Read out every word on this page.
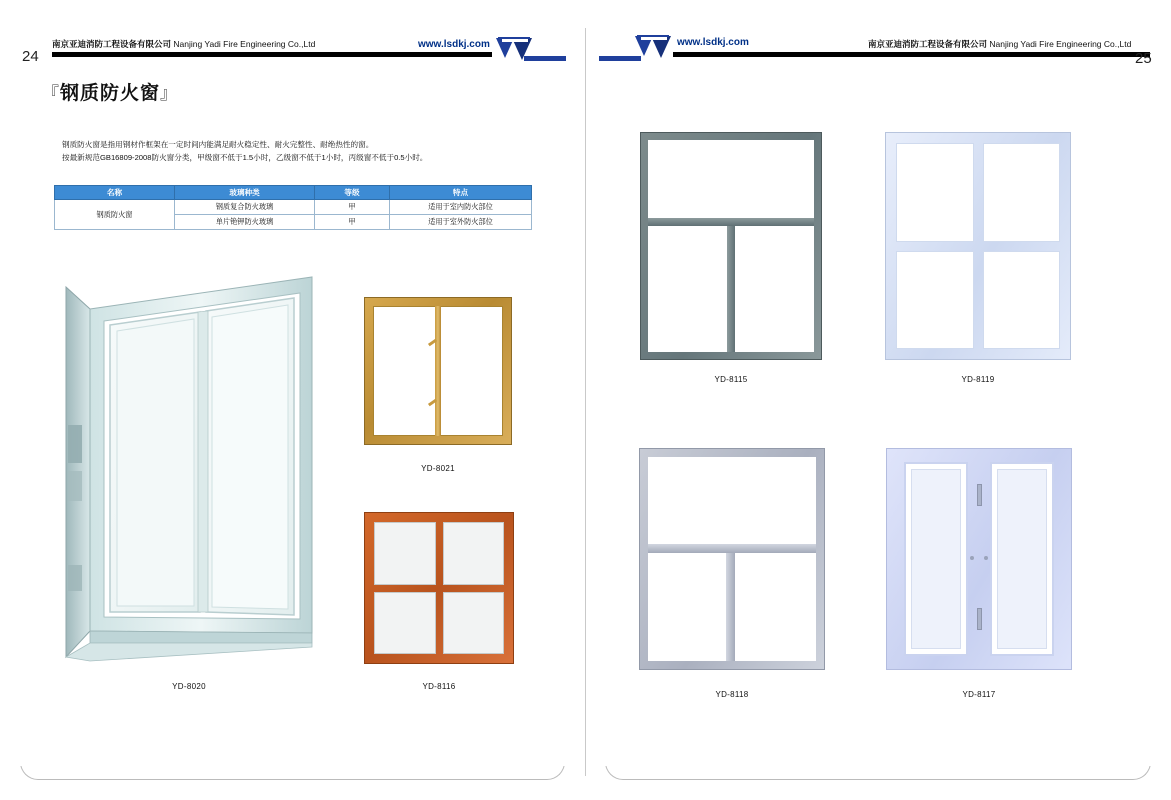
南京亚迪消防工程设备有限公司 Nanjing Yadi Fire Engineering Co.,Ltd	www.lsdkj.com
24
『钢质防火窗』
钢质防火窗是指用钢材作框架在一定时间内能满足耐火稳定性、耐火完整性、耐绝热性的窗。
按最新规范GB16809-2008防火窗分类，甲级窗不低于1.5小时，乙级窗不低于1小时，丙级窗不低于0.5小时。
名称	玻璃种类	等级	特点
钢质防火窗	钢质复合防火玻璃	甲	适用于室内防火部位
	单片铯钾防火玻璃	甲	适用于室外防火部位
YD-8020
YD-8021
YD-8116
www.lsdkj.com	南京亚迪消防工程设备有限公司 Nanjing Yadi Fire Engineering Co.,Ltd
25
YD-8115	YD-8119
YD-8118	YD-8117
